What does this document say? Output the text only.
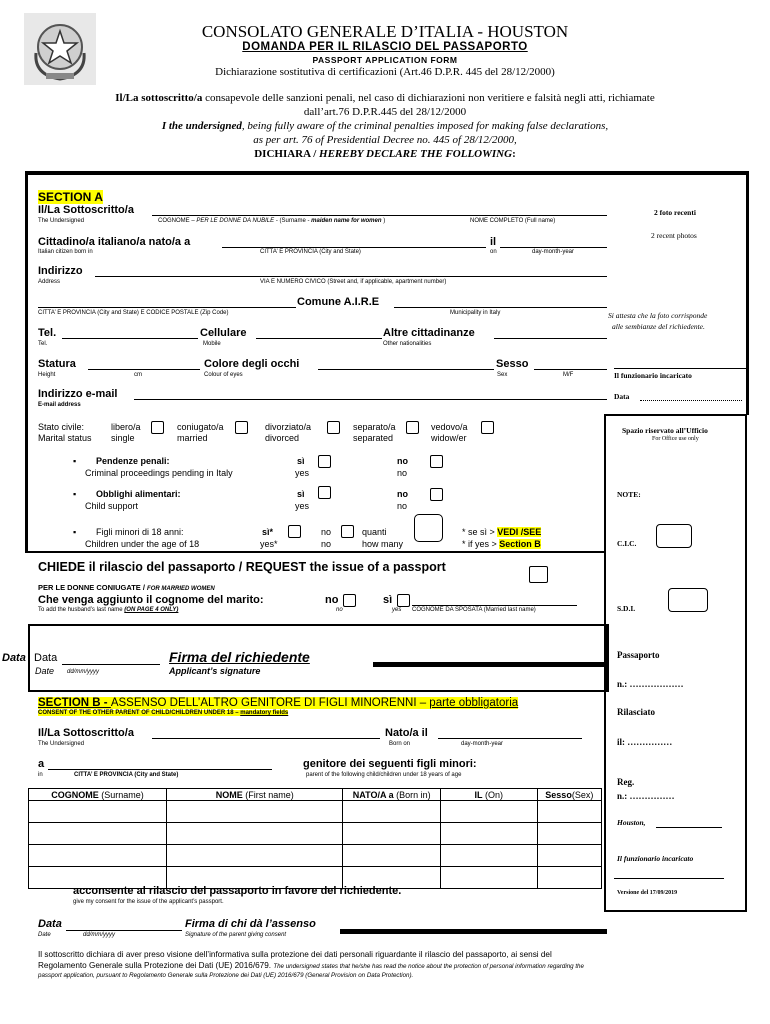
CONSOLATO GENERALE D’ITALIA - HOUSTON
DOMANDA PER IL RILASCIO DEL PASSAPORTO
PASSPORT APPLICATION FORM
Dichiarazione sostitutiva di certificazioni (Art.46 D.P.R. 445 del 28/12/2000)
Il/La sottoscritto/a consapevole delle sanzioni penali, nel caso di dichiarazioni non veritiere e falsità negli atti, richiamate
dall’art.76 D.P.R.445 del 28/12/2000
I the undersigned, being fully aware of the criminal penalties imposed for making false declarations,
as per art. 76 of Presidential Decree no. 445 of 28/12/2000,
DICHIARA / HEREBY DECLARE THE FOLLOWING:
SECTION A
Il/La Sottoscritto/a
The Undersigned	COGNOME – PER LE DONNE DA NUBILE - (Surname - maiden name for women )	NOME COMPLETO (Full name)
Cittadino/a italiano/a nato/a a	il
Italian citizen born in	CITTA’ E PROVINCIA (City and State)	on	day-month-year
Indirizzo
Address	VIA E NUMERO CIVICO (Street and, if applicable, apartment number)
Comune A.I.R.E
CITTA’ E PROVINCIA (City and State) E CODICE POSTALE (Zip Code)	Municipality in Italy
Tel.	Cellulare	Altre cittadinanze
Tel.	Mobile	Other nationalities
Statura	Colore degli occhi	Sesso
Height	cm	Colour of eyes	Sex	M/F
Indirizzo e-mail
E-mail address
Stato civile:
Marital status
libero/a
single
coniugato/a
married
divorziato/a
divorced
separato/a
separated
vedovo/a
widow/er
▪ Pendenze penali:
Criminal proceedings pending in Italy
sì
yes
no
no
▪ Obblighi alimentari:
Child support
sì
yes
no
no
▪ Figli minori di 18 anni:
Children under the age of 18
sì*
yes*
no
no
quanti
how many
* se sì > VEDI /SEE
* if yes > Section B
2 foto recenti
2 recent photos
Si attesta che la foto corrisponde
alle sembianze del richiedente.
Il funzionario incaricato
Data
Spazio riservato all’Ufficio
For Office use only
NOTE:
C.I.C.
S.D.I.
Passaporto
n.: ………………
Rilasciato
il: ……………
Reg.
n.: ……………
Houston,
Il funzionario incaricato
Versione del 17/09/2019
CHIEDE il rilascio del passaporto / REQUEST the issue of a passport
PER LE DONNE CONIUGATE / FOR MARRIED WOMEN
Che venga aggiunto il cognome del marito:	no	sì
To add the husband’s last name (ON PAGE 4 ONLY)	no	yes COGNOME DA SPOSATA (Married last name)
Data Data
Date dd/mm/yyyy
Firma del richiedente
Applicant’s signature
SECTION B - ASSENSO DELL’ALTRO GENITORE DI FIGLI MINORENNI – parte obbligatoria
CONSENT OF THE OTHER PARENT OF CHILD/CHILDREN UNDER 18 – mandatory fields
Il/La Sottoscritto/a	Nato/a il
The Undersigned	Born on	day-month-year
a	genitore dei seguenti figli minori:
in	CITTA’ E PROVINCIA (City and State)	parent of the following child/children under 18 years of age
COGNOME (Surname)	NOME (First name)	NATO/A a (Born in)	IL (On)	Sesso(Sex)

acconsente al rilascio del passaporto in favore del richiedente.
give my consent for the issue of the applicant’s passport.
Data
Date	dd/mm/yyyy
Firma di chi dà l’assenso
Signature of the parent giving consent
Il sottoscritto dichiara di aver preso visione dell’informativa sulla protezione dei dati personali riguardante il rilascio del passaporto, ai sensi del
Regolamento Generale sulla Protezione dei Dati (UE) 2016/679. The undersigned states that he/she has read the notice about the protection of personal information regarding the
passport application, pursuant to Regolamento Generale sulla Protezione dei Dati (UE) 2016/679 (General Provision on Data Protection).
